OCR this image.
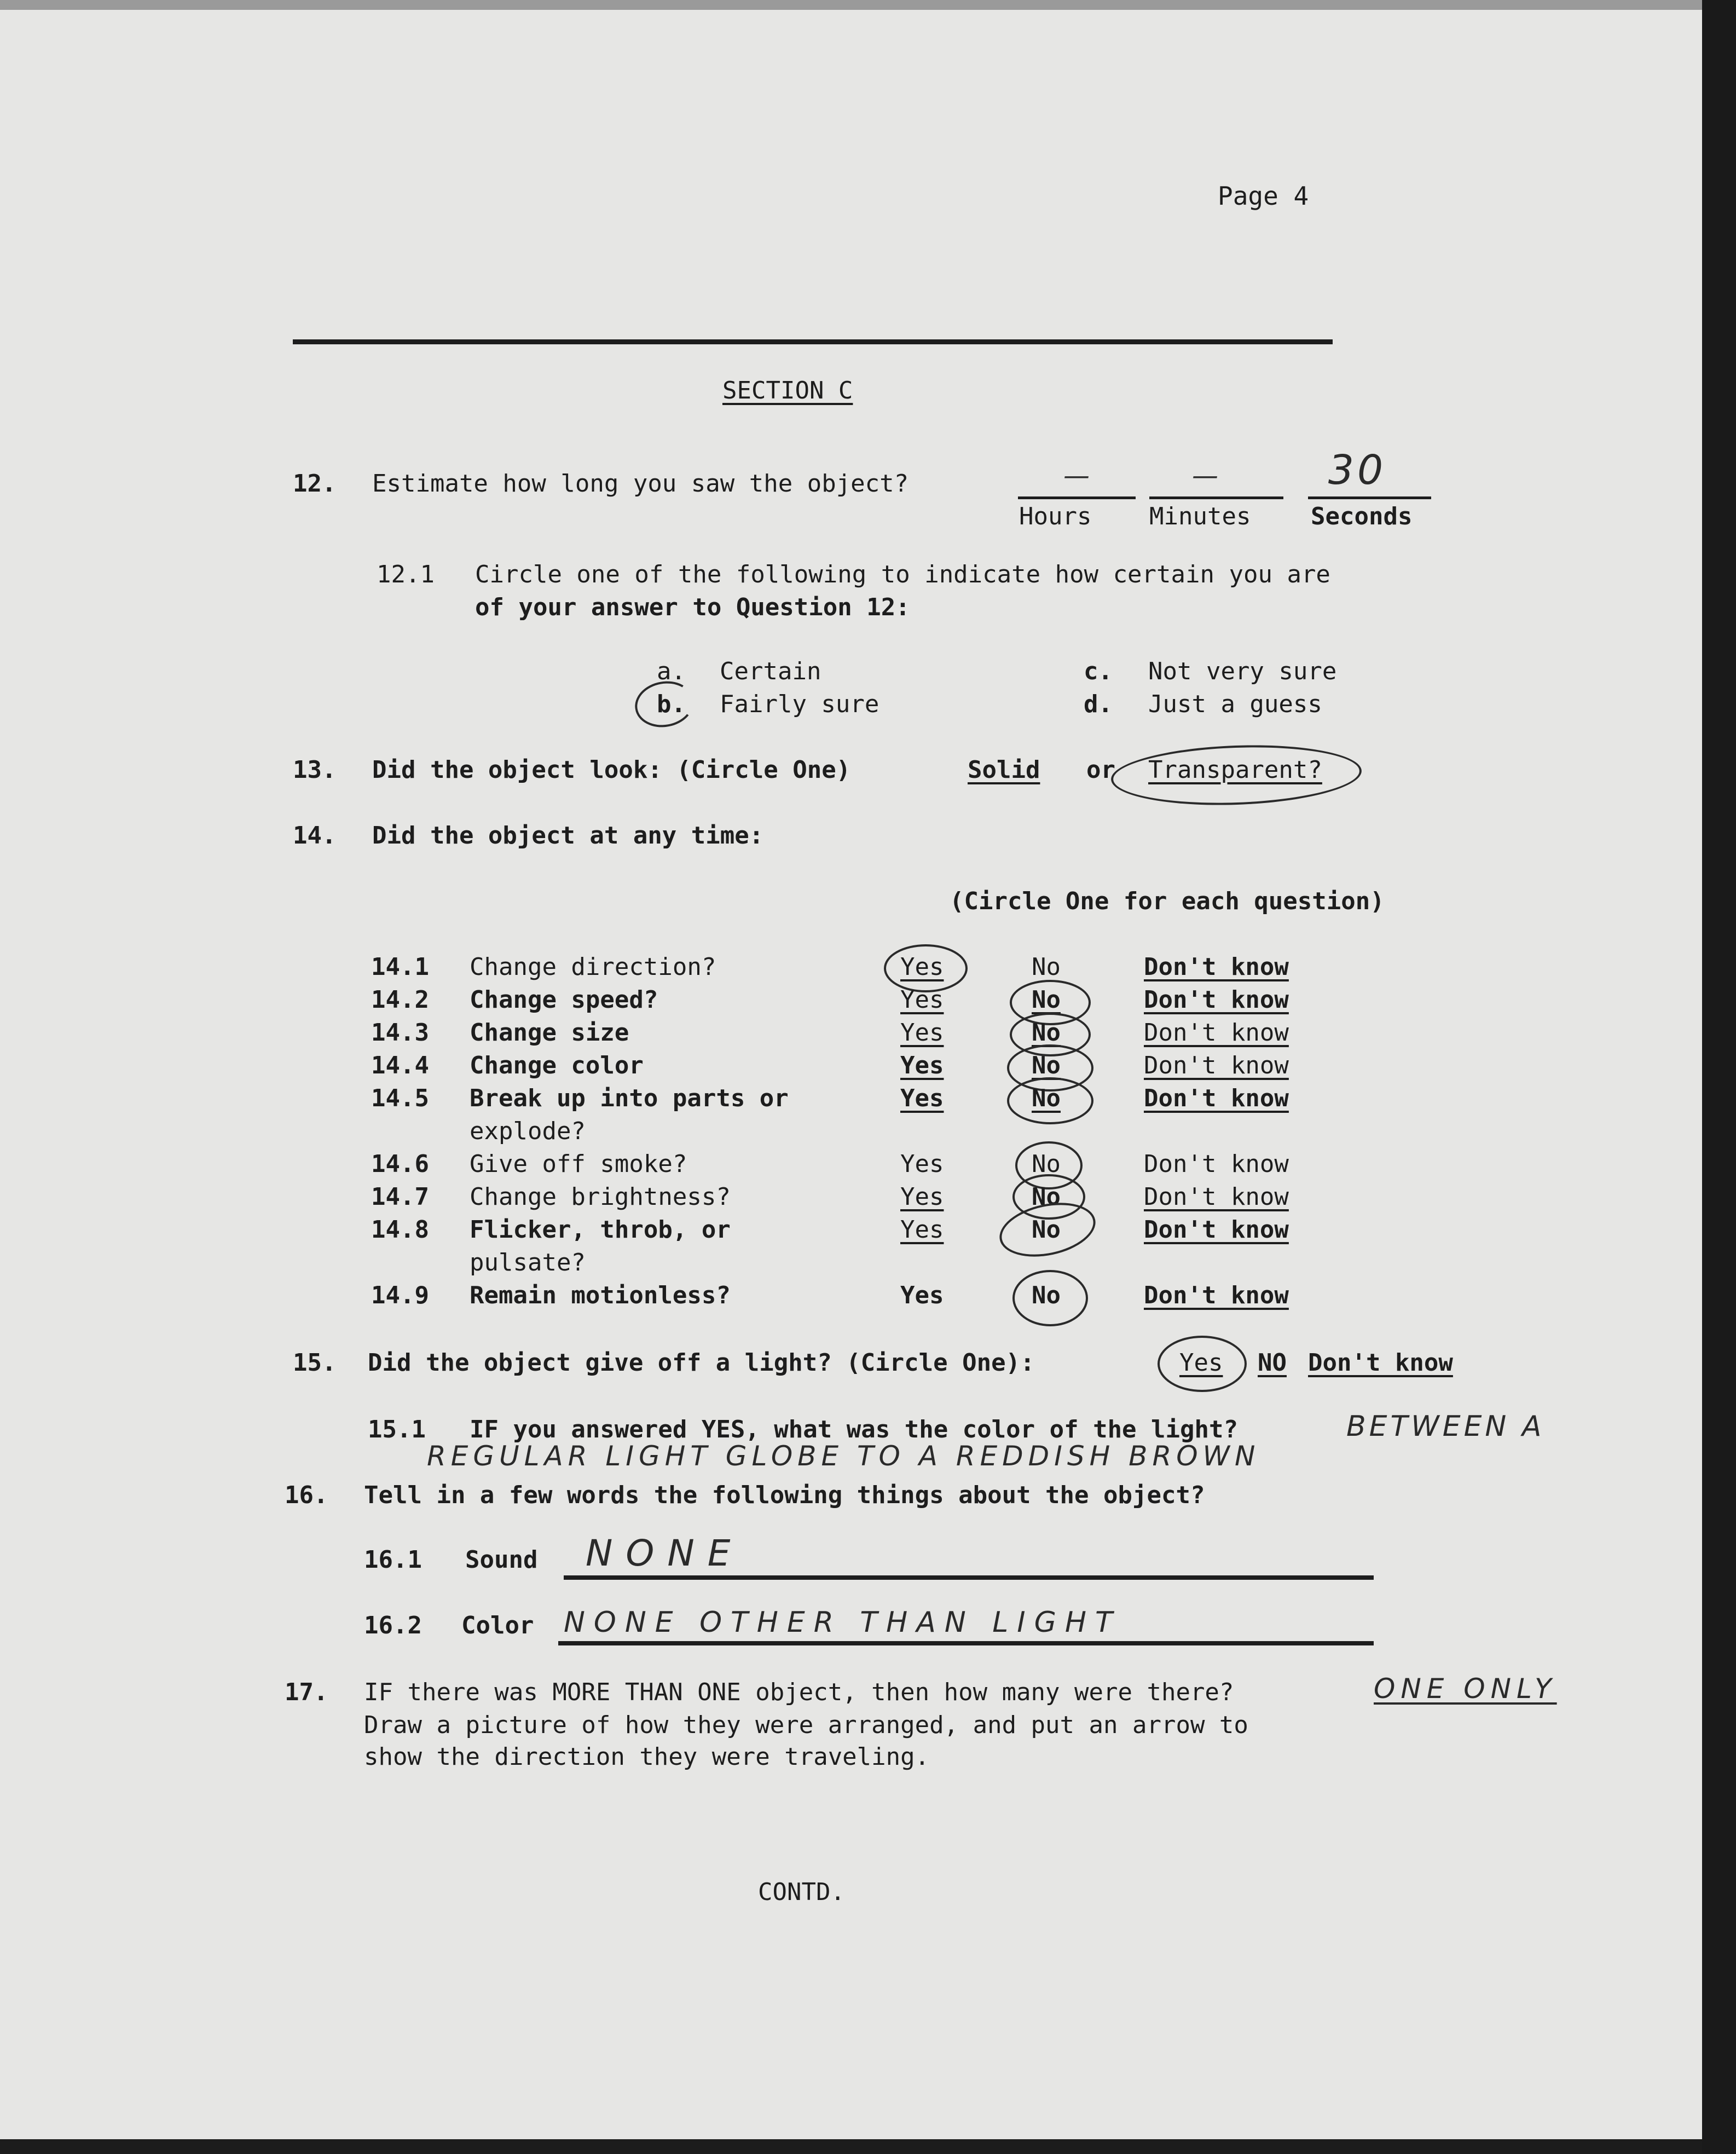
Page 4
SECTION C
12. Estimate how long you saw the object?	—	—	30
Hours Minutes Seconds
12.1 Circle one of the following to indicate how certain you are
of your answer to Question 12:
a. Certain
b. Fairly sure
c. Not very sure
d. Just a guess
13. Did the object look: (Circle One)	Solid or Transparent?
14. Did the object at any time:
(Circle One for each question)
14.1 Change direction?	Yes	No	Don't know
14.2 Change speed?	Yes	No	Don't know
14.3 Change size	Yes	No	Don't know
14.4 Change color	Yes	No	Don't know
14.5 Break up into parts or
explode?
Yes	No	Don't know
14.6 Give off smoke?	Yes	No	Don't know
14.7 Change brightness?	Yes	No	Don't know
14.8 Flicker, throb, or
pulsate?
Yes	No	Don't know
14.9 Remain motionless?	Yes	No	Don't know
15. Did the object give off a light? (Circle One):	Yes NO Don't know
15.1 IF you answered YES, what was the color of the light?	BETWEEN A
REGULAR LIGHT GLOBE TO A REDDISH BROWN
16. Tell in a few words the following things about the object?
16.1 Sound NONE
16.2 Color NONE OTHER THAN LIGHT
17. IF there was MORE THAN ONE object, then how many were there?	ONE ONLY
Draw a picture of how they were arranged, and put an arrow to
show the direction they were traveling.
CONTD.
